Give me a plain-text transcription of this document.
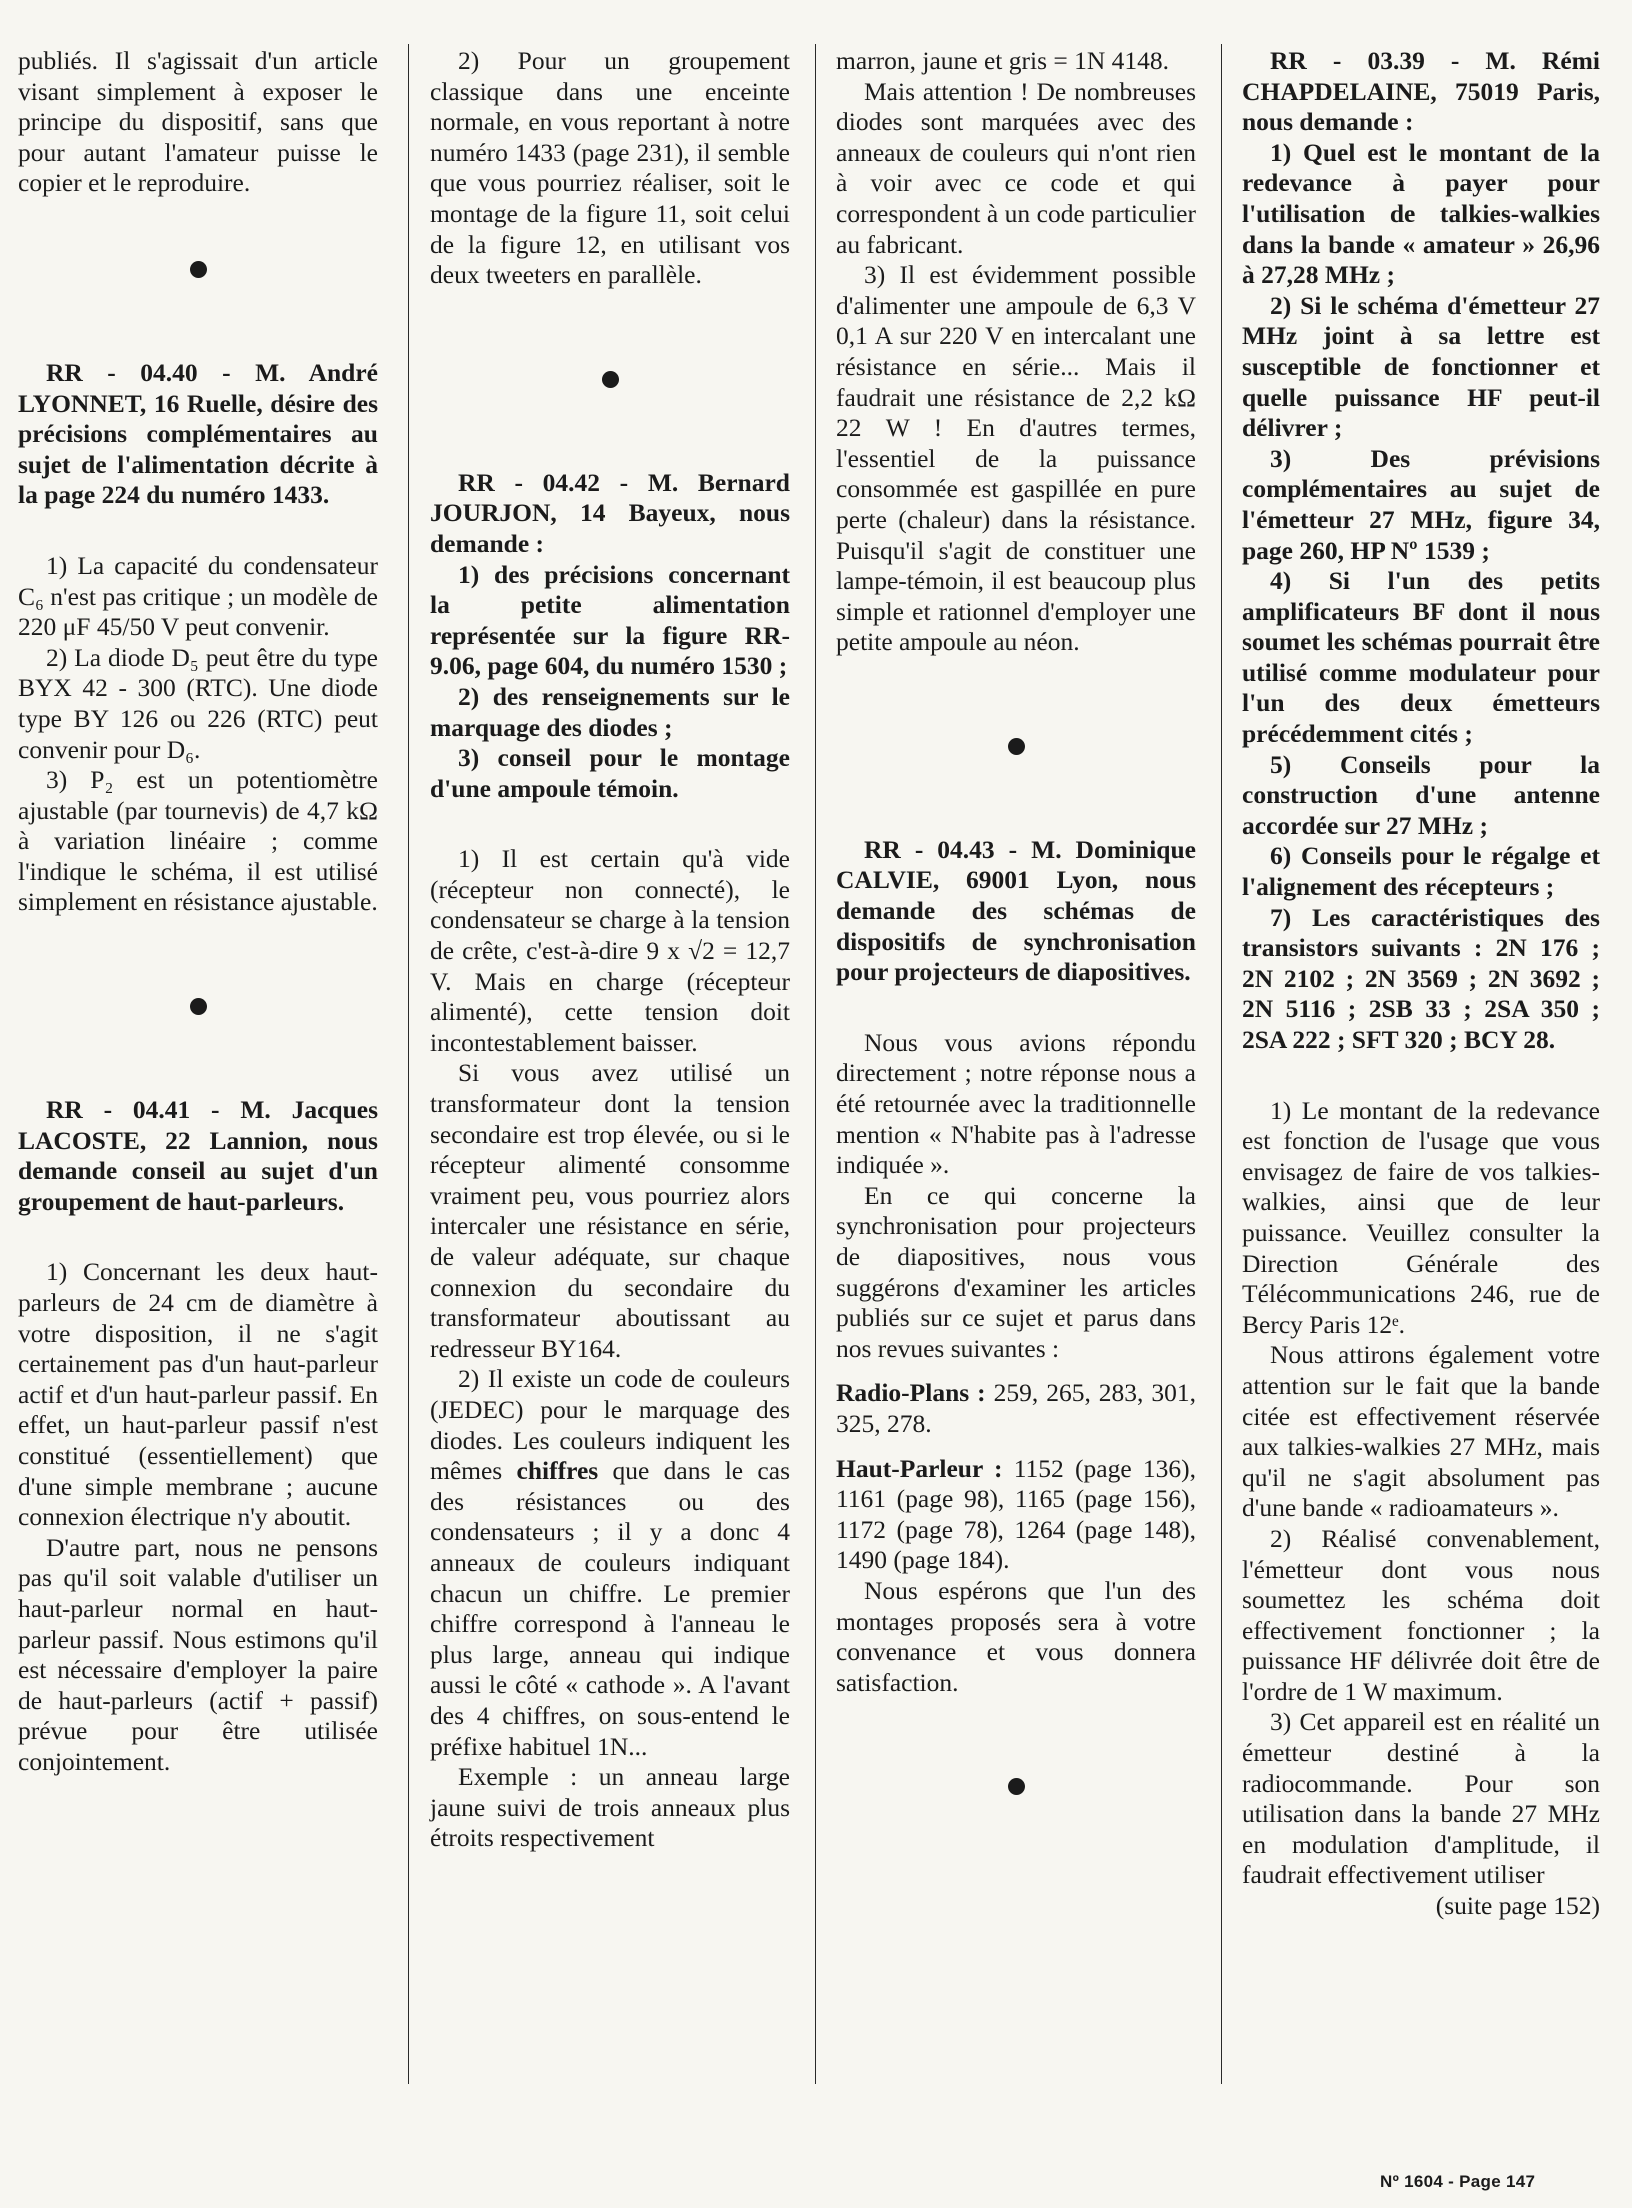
publiés. Il s'agissait d'un article visant simplement à exposer le principe du dispositif, sans que pour autant l'amateur puisse le copier et le reproduire.

RR - 04.40 - M. André LYONNET, 16 Ruelle, désire des précisions complémentaires au sujet de l'alimentation décrite à la page 224 du numéro 1433.

1) La capacité du condensateur C₆ n'est pas critique ; un modèle de 220 μF 45/50 V peut convenir.

2) La diode D₅ peut être du type BYX 42 - 300 (RTC). Une diode type BY 126 ou 226 (RTC) peut convenir pour D₆.

3) P₂ est un potentiomètre ajustable (par tournevis) de 4,7 kΩ à variation linéaire ; comme l'indique le schéma, il est utilisé simplement en résistance ajustable.

RR - 04.41 - M. Jacques LACOSTE, 22 Lannion, nous demande conseil au sujet d'un groupement de haut-parleurs.

1) Concernant les deux haut-parleurs de 24 cm de diamètre à votre disposition, il ne s'agit certainement pas d'un haut-parleur actif et d'un haut-parleur passif. En effet, un haut-parleur passif n'est constitué (essentiellement) que d'une simple membrane ; aucune connexion électrique n'y aboutit.

D'autre part, nous ne pensons pas qu'il soit valable d'utiliser un haut-parleur normal en haut-parleur passif. Nous estimons qu'il est nécessaire d'employer la paire de haut-parleurs (actif + passif) prévue pour être utilisée conjointement.

2) Pour un groupement classique dans une enceinte normale, en vous reportant à notre numéro 1433 (page 231), il semble que vous pourriez réaliser, soit le montage de la figure 11, soit celui de la figure 12, en utilisant vos deux tweeters en parallèle.

RR - 04.42 - M. Bernard JOURJON, 14 Bayeux, nous demande :

1) des précisions concernant la petite alimentation représentée sur la figure RR-9.06, page 604, du numéro 1530 ;

2) des renseignements sur le marquage des diodes ;

3) conseil pour le montage d'une ampoule témoin.

1) Il est certain qu'à vide (récepteur non connecté), le condensateur se charge à la tension de crête, c'est-à-dire 9 x √2 = 12,7 V. Mais en charge (récepteur alimenté), cette tension doit incontestablement baisser.

Si vous avez utilisé un transformateur dont la tension secondaire est trop élevée, ou si le récepteur alimenté consomme vraiment peu, vous pourriez alors intercaler une résistance en série, de valeur adéquate, sur chaque connexion du secondaire du transformateur aboutissant au redresseur BY164.

2) Il existe un code de couleurs (JEDEC) pour le marquage des diodes. Les couleurs indiquent les mêmes chiffres que dans le cas des résistances ou des condensateurs ; il y a donc 4 anneaux de couleurs indiquant chacun un chiffre. Le premier chiffre correspond à l'anneau le plus large, anneau qui indique aussi le côté « cathode ». A l'avant des 4 chiffres, on sous-entend le préfixe habituel 1N...

Exemple : un anneau large jaune suivi de trois anneaux plus étroits respectivement

marron, jaune et gris = 1N 4148.

Mais attention ! De nombreuses diodes sont marquées avec des anneaux de couleurs qui n'ont rien à voir avec ce code et qui correspondent à un code particulier au fabricant.

3) Il est évidemment possible d'alimenter une ampoule de 6,3 V 0,1 A sur 220 V en intercalant une résistance en série... Mais il faudrait une résistance de 2,2 kΩ 22 W ! En d'autres termes, l'essentiel de la puissance consommée est gaspillée en pure perte (chaleur) dans la résistance. Puisqu'il s'agit de constituer une lampe-témoin, il est beaucoup plus simple et rationnel d'employer une petite ampoule au néon.

RR - 04.43 - M. Dominique CALVIE, 69001 Lyon, nous demande des schémas de dispositifs de synchronisation pour projecteurs de diapositives.

Nous vous avions répondu directement ; notre réponse nous a été retournée avec la traditionnelle mention « N'habite pas à l'adresse indiquée ».

En ce qui concerne la synchronisation pour projecteurs de diapositives, nous vous suggérons d'examiner les articles publiés sur ce sujet et parus dans nos revues suivantes :

Radio-Plans : 259, 265, 283, 301, 325, 278.

Haut-Parleur : 1152 (page 136), 1161 (page 98), 1165 (page 156), 1172 (page 78), 1264 (page 148), 1490 (page 184).

Nous espérons que l'un des montages proposés sera à votre convenance et vous donnera satisfaction.

RR - 03.39 - M. Rémi CHAPDELAINE, 75019 Paris, nous demande :

1) Quel est le montant de la redevance à payer pour l'utilisation de talkies-walkies dans la bande « amateur » 26,96 à 27,28 MHz ;

2) Si le schéma d'émetteur 27 MHz joint à sa lettre est susceptible de fonctionner et quelle puissance HF peut-il délivrer ;

3) Des prévisions complémentaires au sujet de l'émetteur 27 MHz, figure 34, page 260, HP Nº 1539 ;

4) Si l'un des petits amplificateurs BF dont il nous soumet les schémas pourrait être utilisé comme modulateur pour l'un des deux émetteurs précédemment cités ;

5) Conseils pour la construction d'une antenne accordée sur 27 MHz ;

6) Conseils pour le régalge et l'alignement des récepteurs ;

7) Les caractéristiques des transistors suivants : 2N 176 ; 2N 2102 ; 2N 3569 ; 2N 3692 ; 2N 5116 ; 2SB 33 ; 2SA 350 ; 2SA 222 ; SFT 320 ; BCY 28.

1) Le montant de la redevance est fonction de l'usage que vous envisagez de faire de vos talkies-walkies, ainsi que de leur puissance. Veuillez consulter la Direction Générale des Télécommunications 246, rue de Bercy Paris 12ᵉ.

Nous attirons également votre attention sur le fait que la bande citée est effectivement réservée aux talkies-walkies 27 MHz, mais qu'il ne s'agit absolument pas d'une bande « radioamateurs ».

2) Réalisé convenablement, l'émetteur dont vous nous soumettez les schéma doit effectivement fonctionner ; la puissance HF délivrée doit être de l'ordre de 1 W maximum.

3) Cet appareil est en réalité un émetteur destiné à la radiocommande. Pour son utilisation dans la bande 27 MHz en modulation d'amplitude, il faudrait effectivement utiliser

(suite page 152)

Nº 1604 - Page 147
